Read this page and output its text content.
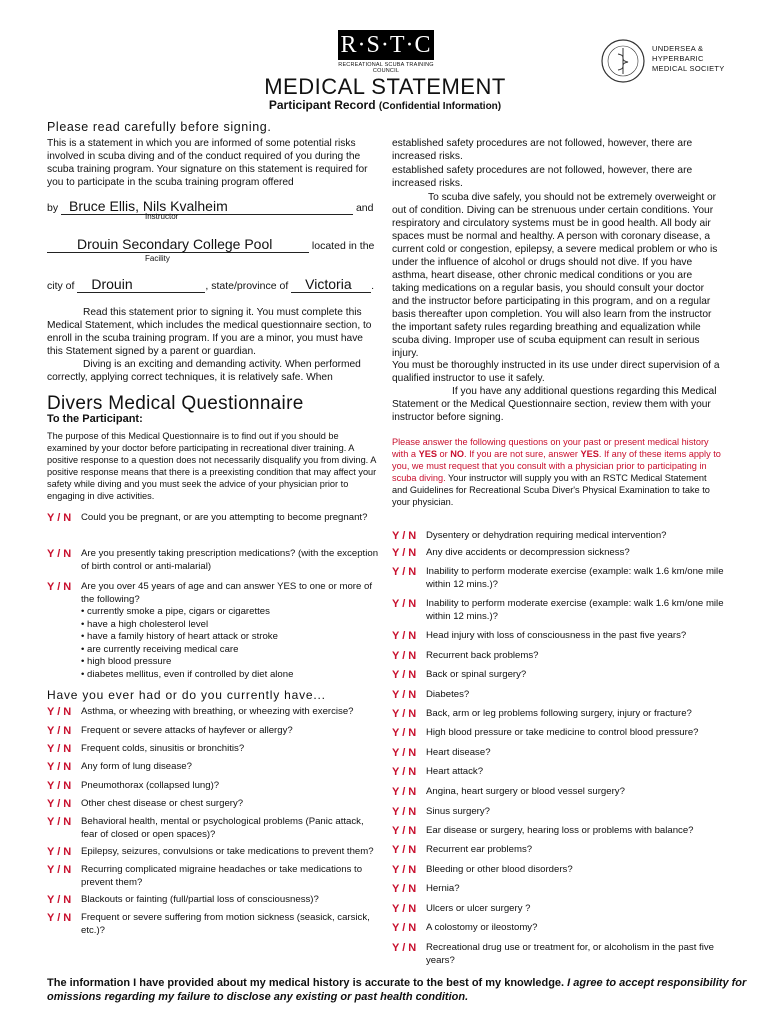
R·S·T·C
RECREATIONAL SCUBA TRAINING COUNCIL
UNDERSEA &
HYPERBARIC
MEDICAL SOCIETY
MEDICAL STATEMENT
Participant Record (Confidential Information)
Please read carefully before signing.
This is a statement in which you are informed of some potential risks involved in scuba diving and of the conduct required of you during the scuba training program. Your signature on this statement is required for you to participate in the scuba training program offered
by Bruce Ellis, Nils Kvalheim	and
Instructor
Drouin Secondary College Pool	located in the
Facility
city of Drouin	, state/province of Victoria .
Read this statement prior to signing it. You must complete this Medical Statement, which includes the medical questionnaire section, to enroll in the scuba training program. If you are a minor, you must have this Statement signed by a parent or guardian.
Diving is an exciting and demanding activity. When performed correctly, applying correct techniques, it is relatively safe. When
established safety procedures are not followed, however, there are increased risks.
established safety procedures are not followed, however, there are increased risks.
To scuba dive safely, you should not be extremely overweight or out of condition. Diving can be strenuous under certain conditions. Your respiratory and circulatory systems must be in good health. All body air spaces must be normal and healthy. A person with coronary disease, a current cold or congestion, epilepsy, a severe medical problem or who is under the influence of alcohol or drugs should not dive. If you have asthma, heart disease, other chronic medical conditions or you are taking medications on a regular basis, you should consult your doctor and the instructor before participating in this program, and on a regular basis thereafter upon completion. You will also learn from the instructor the important safety rules regarding breathing and equalization while scuba diving. Improper use of scuba equipment can result in serious injury.
You must be thoroughly instructed in its use under direct supervision of a qualified instructor to use it safely.
If you have any additional questions regarding this Medical Statement or the Medical Questionnaire section, review them with your instructor before signing.
Divers Medical Questionnaire
To the Participant:
The purpose of this Medical Questionnaire is to find out if you should be examined by your doctor before participating in recreational diver training. A positive response to a question does not necessarily disqualify you from diving. A positive response means that there is a preexisting condition that may affect your safety while diving and you must seek the advice of your physician prior to engaging in dive activities.
Please answer the following questions on your past or present medical history with a YES or NO. If you are not sure, answer YES. If any of these items apply to you, we must request that you consult with a physician prior to participating in scuba diving. Your instructor will supply you with an RSTC Medical Statement and Guidelines for Recreational Scuba Diver's Physical Examination to take to your physician.
Y / N Could you be pregnant, or are you attempting to become pregnant?
Y / N Are you presently taking prescription medications? (with the exception of birth control or anti-malarial)
Y / N Are you over 45 years of age and can answer YES to one or more of the following?
• currently smoke a pipe, cigars or cigarettes
• have a high cholesterol level
• have a family history of heart attack or stroke
• are currently receiving medical care
• high blood pressure
• diabetes mellitus, even if controlled by diet alone
Have you ever had or do you currently have...
Y / N Asthma, or wheezing with breathing, or wheezing with exercise?
Y / N Frequent or severe attacks of hayfever or allergy?
Y / N Frequent colds, sinusitis or bronchitis?
Y / N Any form of lung disease?
Y / N Pneumothorax (collapsed lung)?
Y / N Other chest disease or chest surgery?
Y / N Behavioral health, mental or psychological problems (Panic attack, fear of closed or open spaces)?
Y / N Epilepsy, seizures, convulsions or take medications to prevent them?
Y / N Recurring complicated migraine headaches or take medications to prevent them?
Y / N Blackouts or fainting (full/partial loss of consciousness)?
Y / N Frequent or severe suffering from motion sickness (seasick, carsick, etc.)?
Y / N Dysentery or dehydration requiring medical intervention?
Y / N Any dive accidents or decompression sickness?
Y / N Inability to perform moderate exercise (example: walk 1.6 km/one mile within 12 mins.)?
Y / N Inability to perform moderate exercise (example: walk 1.6 km/one mile within 12 mins.)?
Y / N Head injury with loss of consciousness in the past five years?
Y / N Recurrent back problems?
Y / N Back or spinal surgery?
Y / N Diabetes?
Y / N Back, arm or leg problems following surgery, injury or fracture?
Y / N High blood pressure or take medicine to control blood pressure?
Y / N Heart disease?
Y / N Heart attack?
Y / N Angina, heart surgery or blood vessel surgery?
Y / N Sinus surgery?
Y / N Ear disease or surgery, hearing loss or problems with balance?
Y / N Recurrent ear problems?
Y / N Bleeding or other blood disorders?
Y / N Hernia?
Y / N Ulcers or ulcer surgery ?
Y / N A colostomy or ileostomy?
Y / N Recreational drug use or treatment for, or alcoholism in the past five years?
The information I have provided about my medical history is accurate to the best of my knowledge. I agree to accept responsibility for omissions regarding my failure to disclose any existing or past health condition.
